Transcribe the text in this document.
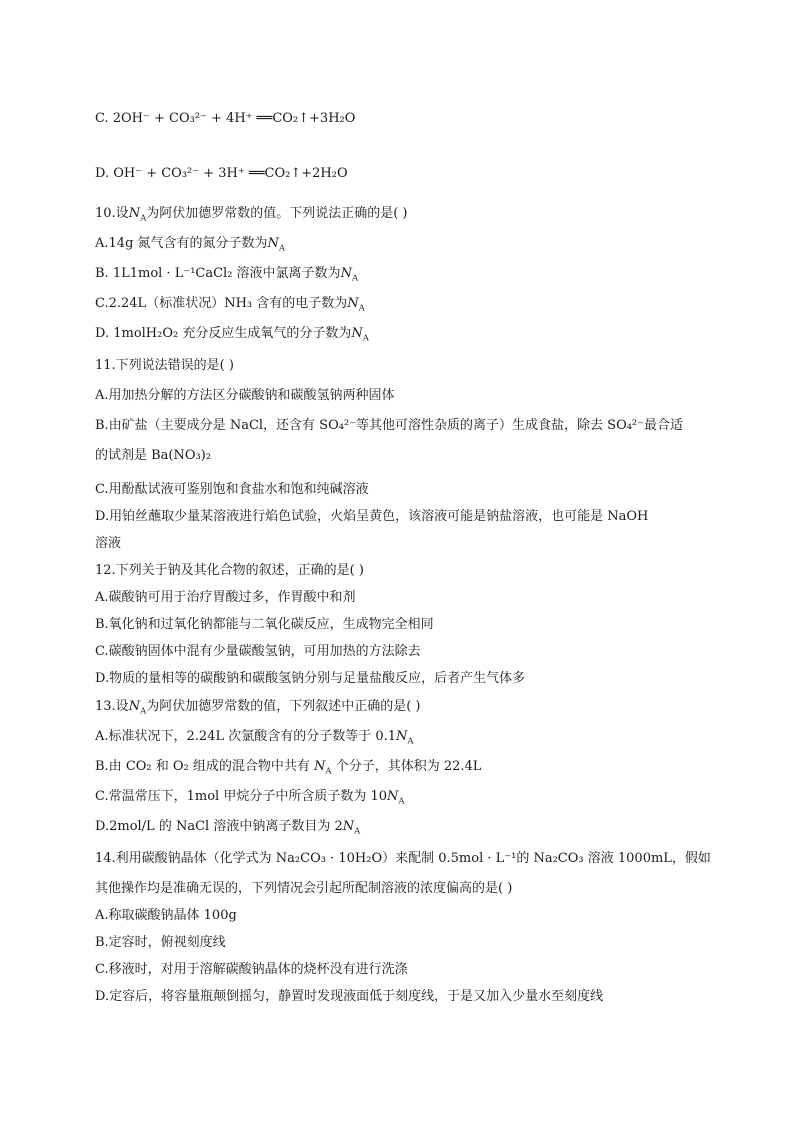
C. 2OH⁻ + CO₃²⁻ + 4H⁺ ══CO₂↑+3H₂O
D. OH⁻ + CO₃²⁻ + 3H⁺ ══CO₂↑+2H₂O
10.设$N_A$为阿伏加德罗常数的值。下列说法正确的是( )
A.14g 氮气含有的氮分子数为$N_A$
B. 1L1mol · L⁻¹CaCl₂ 溶液中氯离子数为$N_A$
C.2.24L（标准状况）NH₃ 含有的电子数为$N_A$
D. 1molH₂O₂ 充分反应生成氧气的分子数为$N_A$
11.下列说法错误的是( )
A.用加热分解的方法区分碳酸钠和碳酸氢钠两种固体
B.由矿盐（主要成分是 NaCl，还含有 SO₄²⁻等其他可溶性杂质的离子）生成食盐，除去 SO₄²⁻最合适
的试剂是 Ba(NO₃)₂
C.用酚酞试液可鉴别饱和食盐水和饱和纯碱溶液
D.用铂丝蘸取少量某溶液进行焰色试验，火焰呈黄色，该溶液可能是钠盐溶液，也可能是 NaOH
溶液
12.下列关于钠及其化合物的叙述，正确的是( )
A.碳酸钠可用于治疗胃酸过多，作胃酸中和剂
B.氧化钠和过氧化钠都能与二氧化碳反应，生成物完全相同
C.碳酸钠固体中混有少量碳酸氢钠，可用加热的方法除去
D.物质的量相等的碳酸钠和碳酸氢钠分别与足量盐酸反应，后者产生气体多
13.设$N_A$为阿伏加德罗常数的值，下列叙述中正确的是( )
A.标准状况下，2.24L 次氯酸含有的分子数等于 $0.1N_A$
B.由 CO₂ 和 O₂ 组成的混合物中共有 $N_A$ 个分子，其体积为 22.4L
C.常温常压下，1mol 甲烷分子中所含质子数为 $10N_A$
D.2mol/L 的 NaCl 溶液中钠离子数目为 $2N_A$
14.利用碳酸钠晶体（化学式为 Na₂CO₃ · 10H₂O）来配制 0.5mol · L⁻¹的 Na₂CO₃ 溶液 1000mL，假如
其他操作均是准确无误的，下列情况会引起所配制溶液的浓度偏高的是( )
A.称取碳酸钠晶体 100g
B.定容时，俯视刻度线
C.移液时，对用于溶解碳酸钠晶体的烧杯没有进行洗涤
D.定容后，将容量瓶颠倒摇匀，静置时发现液面低于刻度线，于是又加入少量水至刻度线
